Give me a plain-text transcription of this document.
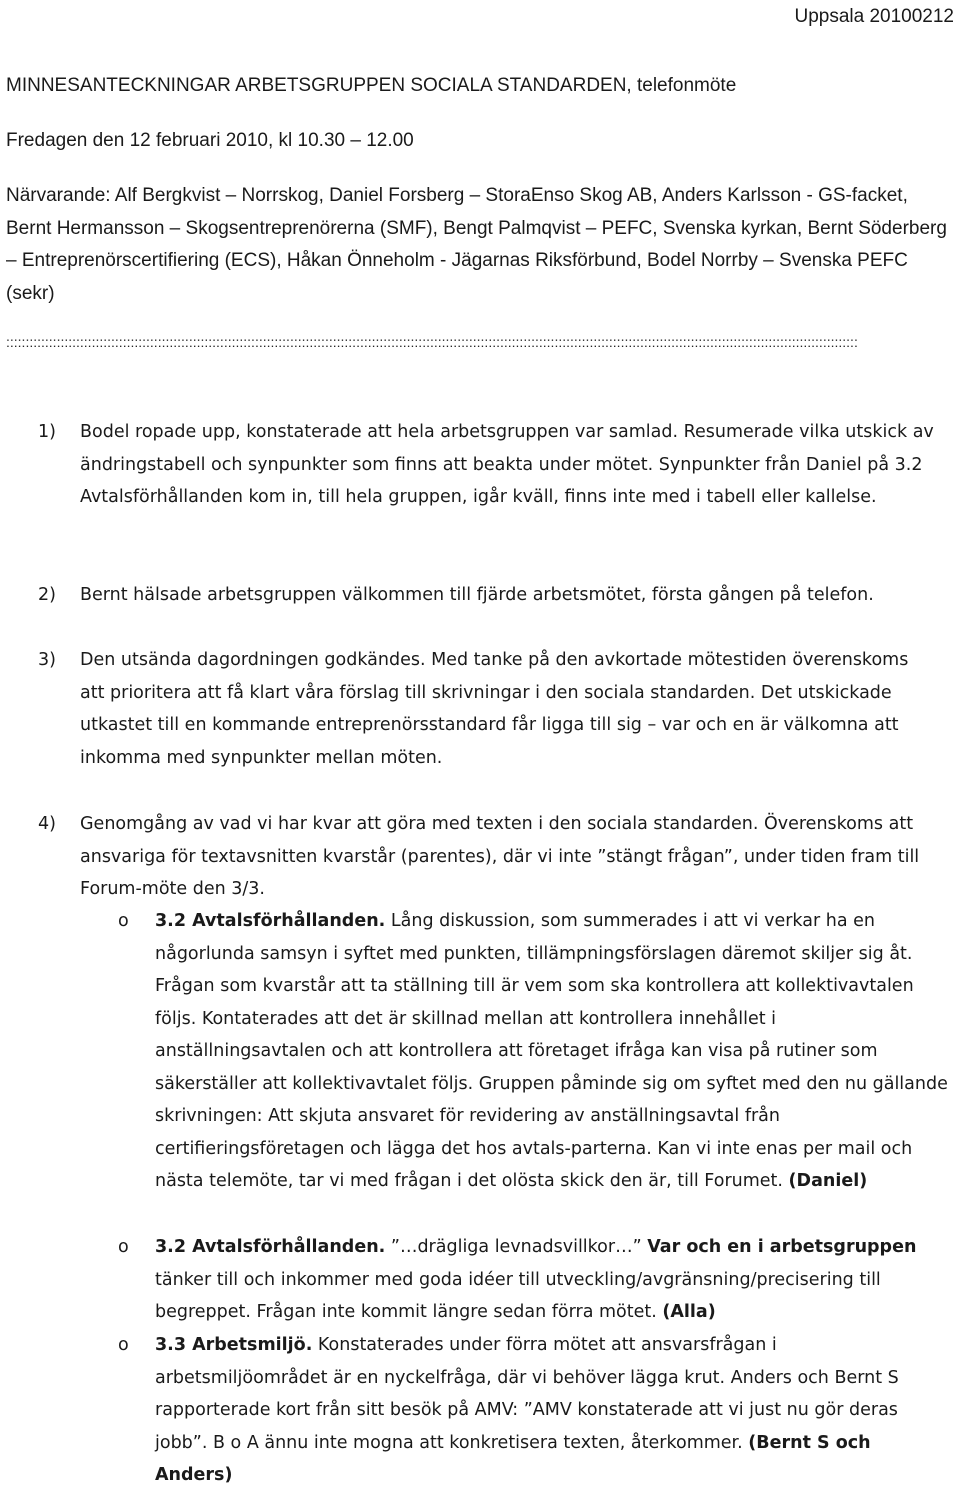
Uppsala 20100212
MINNESANTECKNINGAR ARBETSGRUPPEN SOCIALA STANDARDEN, telefonmöte
Fredagen den 12 februari 2010, kl 10.30 – 12.00
Närvarande: Alf Bergkvist – Norrskog, Daniel Forsberg – StoraEnso Skog AB, Anders Karlsson - GS-facket, Bernt Hermansson – Skogsentreprenörerna (SMF), Bengt Palmqvist – PEFC, Svenska kyrkan, Bernt Söderberg – Entreprenörscertifiering (ECS), Håkan Önneholm - Jägarnas Riksförbund, Bodel Norrby – Svenska PEFC (sekr)
:::::::::::::::::::::::::::::::::::::::::::::::::::::::::::::::::::::::::::::::::::::::::::::::::::::::::::::::::::::::::::::::::::::::::::::::::::::::::::::::::::::::::::::::::::::::::::::::::::::::::::::::::::::::::::
1) Bodel ropade upp, konstaterade att hela arbetsgruppen var samlad. Resumerade vilka utskick av ändringstabell och synpunkter som finns att beakta under mötet. Synpunkter från Daniel på 3.2 Avtalsförhållanden kom in, till hela gruppen, igår kväll, finns inte med i tabell eller kallelse.
2) Bernt hälsade arbetsgruppen välkommen till fjärde arbetsmötet, första gången på telefon.
3) Den utsända dagordningen godkändes. Med tanke på den avkortade mötestiden överenskoms att prioritera att få klart våra förslag till skrivningar i den sociala standarden. Det utskickade utkastet till en kommande entreprenörsstandard får ligga till sig – var och en är välkomna att inkomma med synpunkter mellan möten.
4) Genomgång av vad vi har kvar att göra med texten i den sociala standarden. Överenskoms att ansvariga för textavsnitten kvarstår (parentes), där vi inte ”stängt frågan”, under tiden fram till Forum-möte den 3/3.
o 3.2 Avtalsförhållanden. Lång diskussion, som summerades i att vi verkar ha en någorlunda samsyn i syftet med punkten, tillämpningsförslagen däremot skiljer sig åt. Frågan som kvarstår att ta ställning till är vem som ska kontrollera att kollektivavtalen följs. Kontaterades att det är skillnad mellan att kontrollera innehållet i anställningsavtalen och att kontrollera att företaget ifråga kan visa på rutiner som säkerställer att kollektivavtalet följs. Gruppen påminde sig om syftet med den nu gällande skrivningen: Att skjuta ansvaret för revidering av anställningsavtal från certifieringsföretagen och lägga det hos avtals-parterna. Kan vi inte enas per mail och nästa telemöte, tar vi med frågan i det olösta skick den är, till Forumet. (Daniel)
o 3.2 Avtalsförhållanden. ”…drägliga levnadsvillkor…” Var och en i arbetsgruppen tänker till och inkommer med goda idéer till utveckling/avgränsning/precisering till begreppet. Frågan inte kommit längre sedan förra mötet. (Alla)
o 3.3 Arbetsmiljö. Konstaterades under förra mötet att ansvarsfrågan i arbetsmiljöområdet är en nyckelfråga, där vi behöver lägga krut. Anders och Bernt S rapporterade kort från sitt besök på AMV: ”AMV konstaterade att vi just nu gör deras jobb”. B o A ännu inte mogna att konkretisera texten, återkommer. (Bernt S och Anders)
